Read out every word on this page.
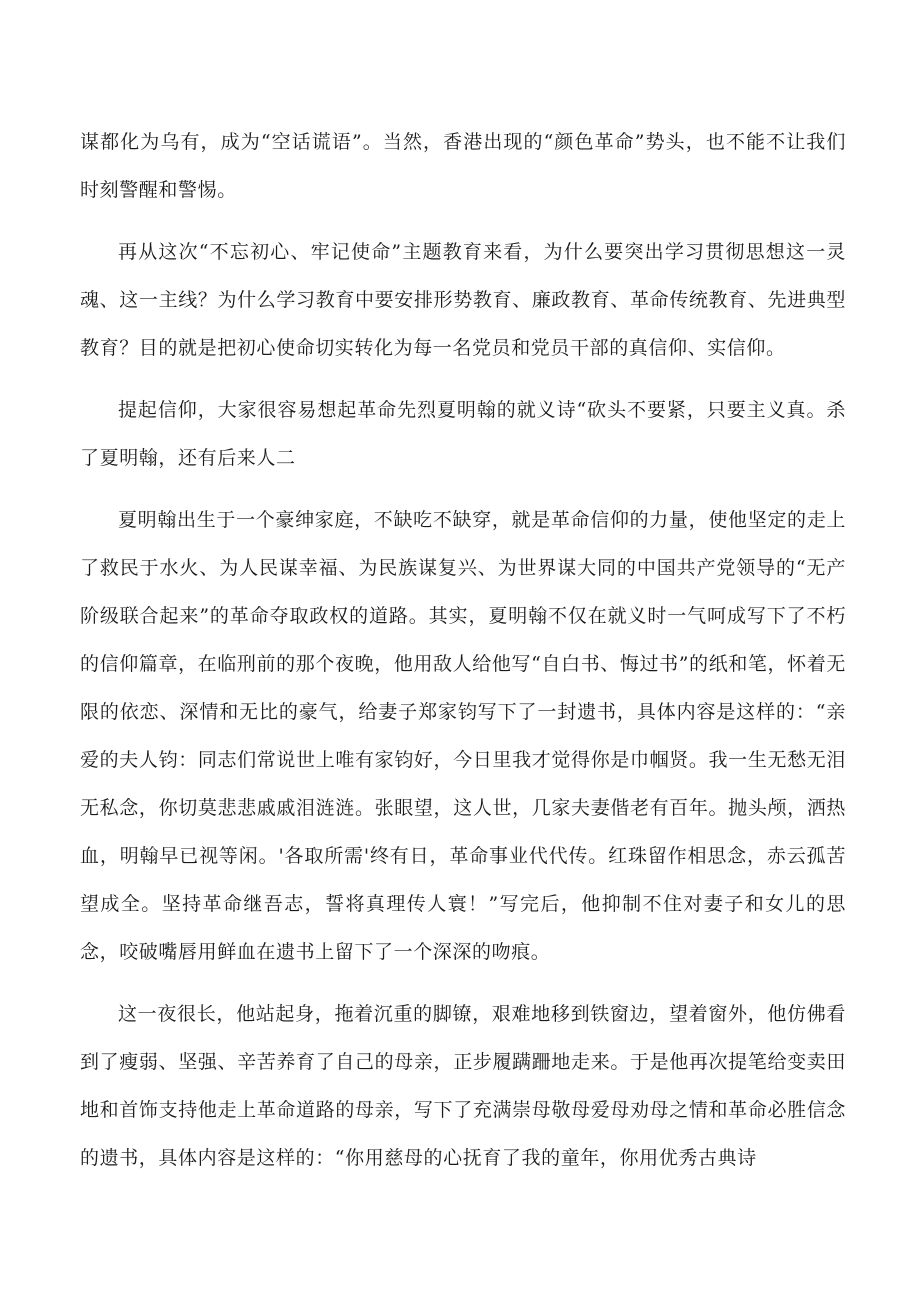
谋都化为乌有，成为“空话谎语”。当然，香港出现的“颜色革命”势头，也不能不让我们时刻警醒和警惕。

再从这次“不忘初心、牢记使命”主题教育来看，为什么要突出学习贯彻思想这一灵魂、这一主线？为什么学习教育中要安排形势教育、廉政教育、革命传统教育、先进典型教育？目的就是把初心使命切实转化为每一名党员和党员干部的真信仰、实信仰。

提起信仰，大家很容易想起革命先烈夏明翰的就义诗“砍头不要紧，只要主义真。杀了夏明翰，还有后来人二

夏明翰出生于一个豪绅家庭，不缺吃不缺穿，就是革命信仰的力量，使他坚定的走上了救民于水火、为人民谋幸福、为民族谋复兴、为世界谋大同的中国共产党领导的“无产阶级联合起来”的革命夺取政权的道路。其实，夏明翰不仅在就义时一气呵成写下了不朽的信仰篇章，在临刑前的那个夜晚，他用敌人给他写“自白书、悔过书”的纸和笔，怀着无限的依恋、深情和无比的豪气，给妻子郑家钧写下了一封遗书，具体内容是这样的：“亲爱的夫人钧：同志们常说世上唯有家钧好，今日里我才觉得你是巾帼贤。我一生无愁无泪无私念，你切莫悲悲戚戚泪涟涟。张眼望，这人世，几家夫妻偕老有百年。抛头颅，洒热血，明翰早已视等闲。'各取所需'终有日，革命事业代代传。红珠留作相思念，赤云孤苦望成全。坚持革命继吾志，誓将真理传人寰！”写完后，他抑制不住对妻子和女儿的思念，咬破嘴唇用鲜血在遗书上留下了一个深深的吻痕。

这一夜很长，他站起身，拖着沉重的脚镣，艰难地移到铁窗边，望着窗外，他仿佛看到了瘦弱、坚强、辛苦养育了自己的母亲，正步履蹒跚地走来。于是他再次提笔给变卖田地和首饰支持他走上革命道路的母亲，写下了充满崇母敬母爱母劝母之情和革命必胜信念的遗书，具体内容是这样的：“你用慈母的心抚育了我的童年，你用优秀古典诗
